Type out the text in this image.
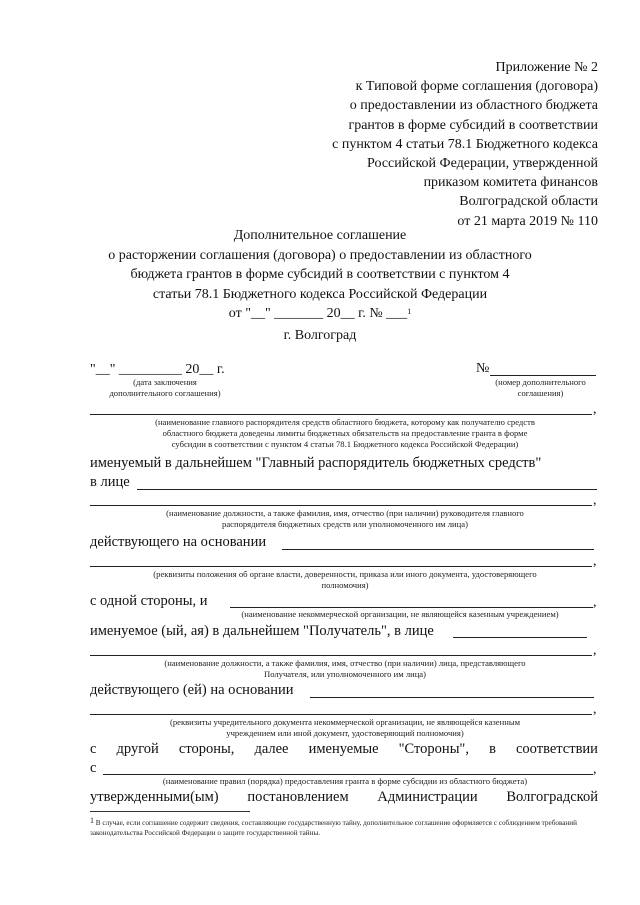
Приложение № 2
к Типовой форме соглашения (договора)
о предоставлении из областного бюджета
грантов в форме субсидий в соответствии
с пунктом 4 статьи 78.1 Бюджетного кодекса
Российской Федерации, утвержденной
приказом комитета финансов
Волгоградской области
от 21 марта 2019 № 110
Дополнительное соглашение
о расторжении соглашения (договора) о предоставлении из областного
бюджета грантов в форме субсидий в соответствии с пунктом 4
статьи 78.1 Бюджетного кодекса Российской Федерации
от "__" _______ 20__ г. № ___$^1$
г. Волгоград
"__" _________ 20__ г.
(дата заключения
дополнительного соглашения)
№
(номер дополнительного
соглашения)
,
(наименование главного распорядителя средств областного бюджета, которому как получателю средств
областного бюджета доведены лимиты бюджетных обязательств на предоставление гранта в форме
субсидии в соответствии с пунктом 4 статьи 78.1 Бюджетного кодекса Российской Федерации)
именуемый в дальнейшем "Главный распорядитель бюджетных средств"
в лице
,
(наименование должности, а также фамилия, имя, отчество (при наличии) руководителя главного
распорядителя бюджетных средств или уполномоченного им лица)
действующего на основании
,
(реквизиты положения об органе власти, доверенности, приказа или иного документа, удостоверяющего
полномочия)
с одной стороны, и	,
(наименование некоммерческой организации, не являющейся казенным учреждением)
именуемое (ый, ая) в дальнейшем "Получатель", в лице
,
(наименование должности, а также фамилия, имя, отчество (при наличии) лица, представляющего
Получателя, или уполномоченного им лица)
действующего (ей) на основании
,
(реквизиты учредительного документа некоммерческой организации, не являющейся казенным
учреждением или иной документ, удостоверяющий полномочия)
с другой стороны, далее именуемые "Стороны", в соответствии
с	,
(наименование правил (порядка) предоставления гранта в форме субсидии из областного бюджета)
утвержденными(ым) постановлением Администрации Волгоградской
$^1$ В случае, если соглашение содержит сведения, составляющие государственную тайну, дополнительное соглашение оформляется с соблюдением требований законодательства Российской Федерации о защите государственной тайны.
